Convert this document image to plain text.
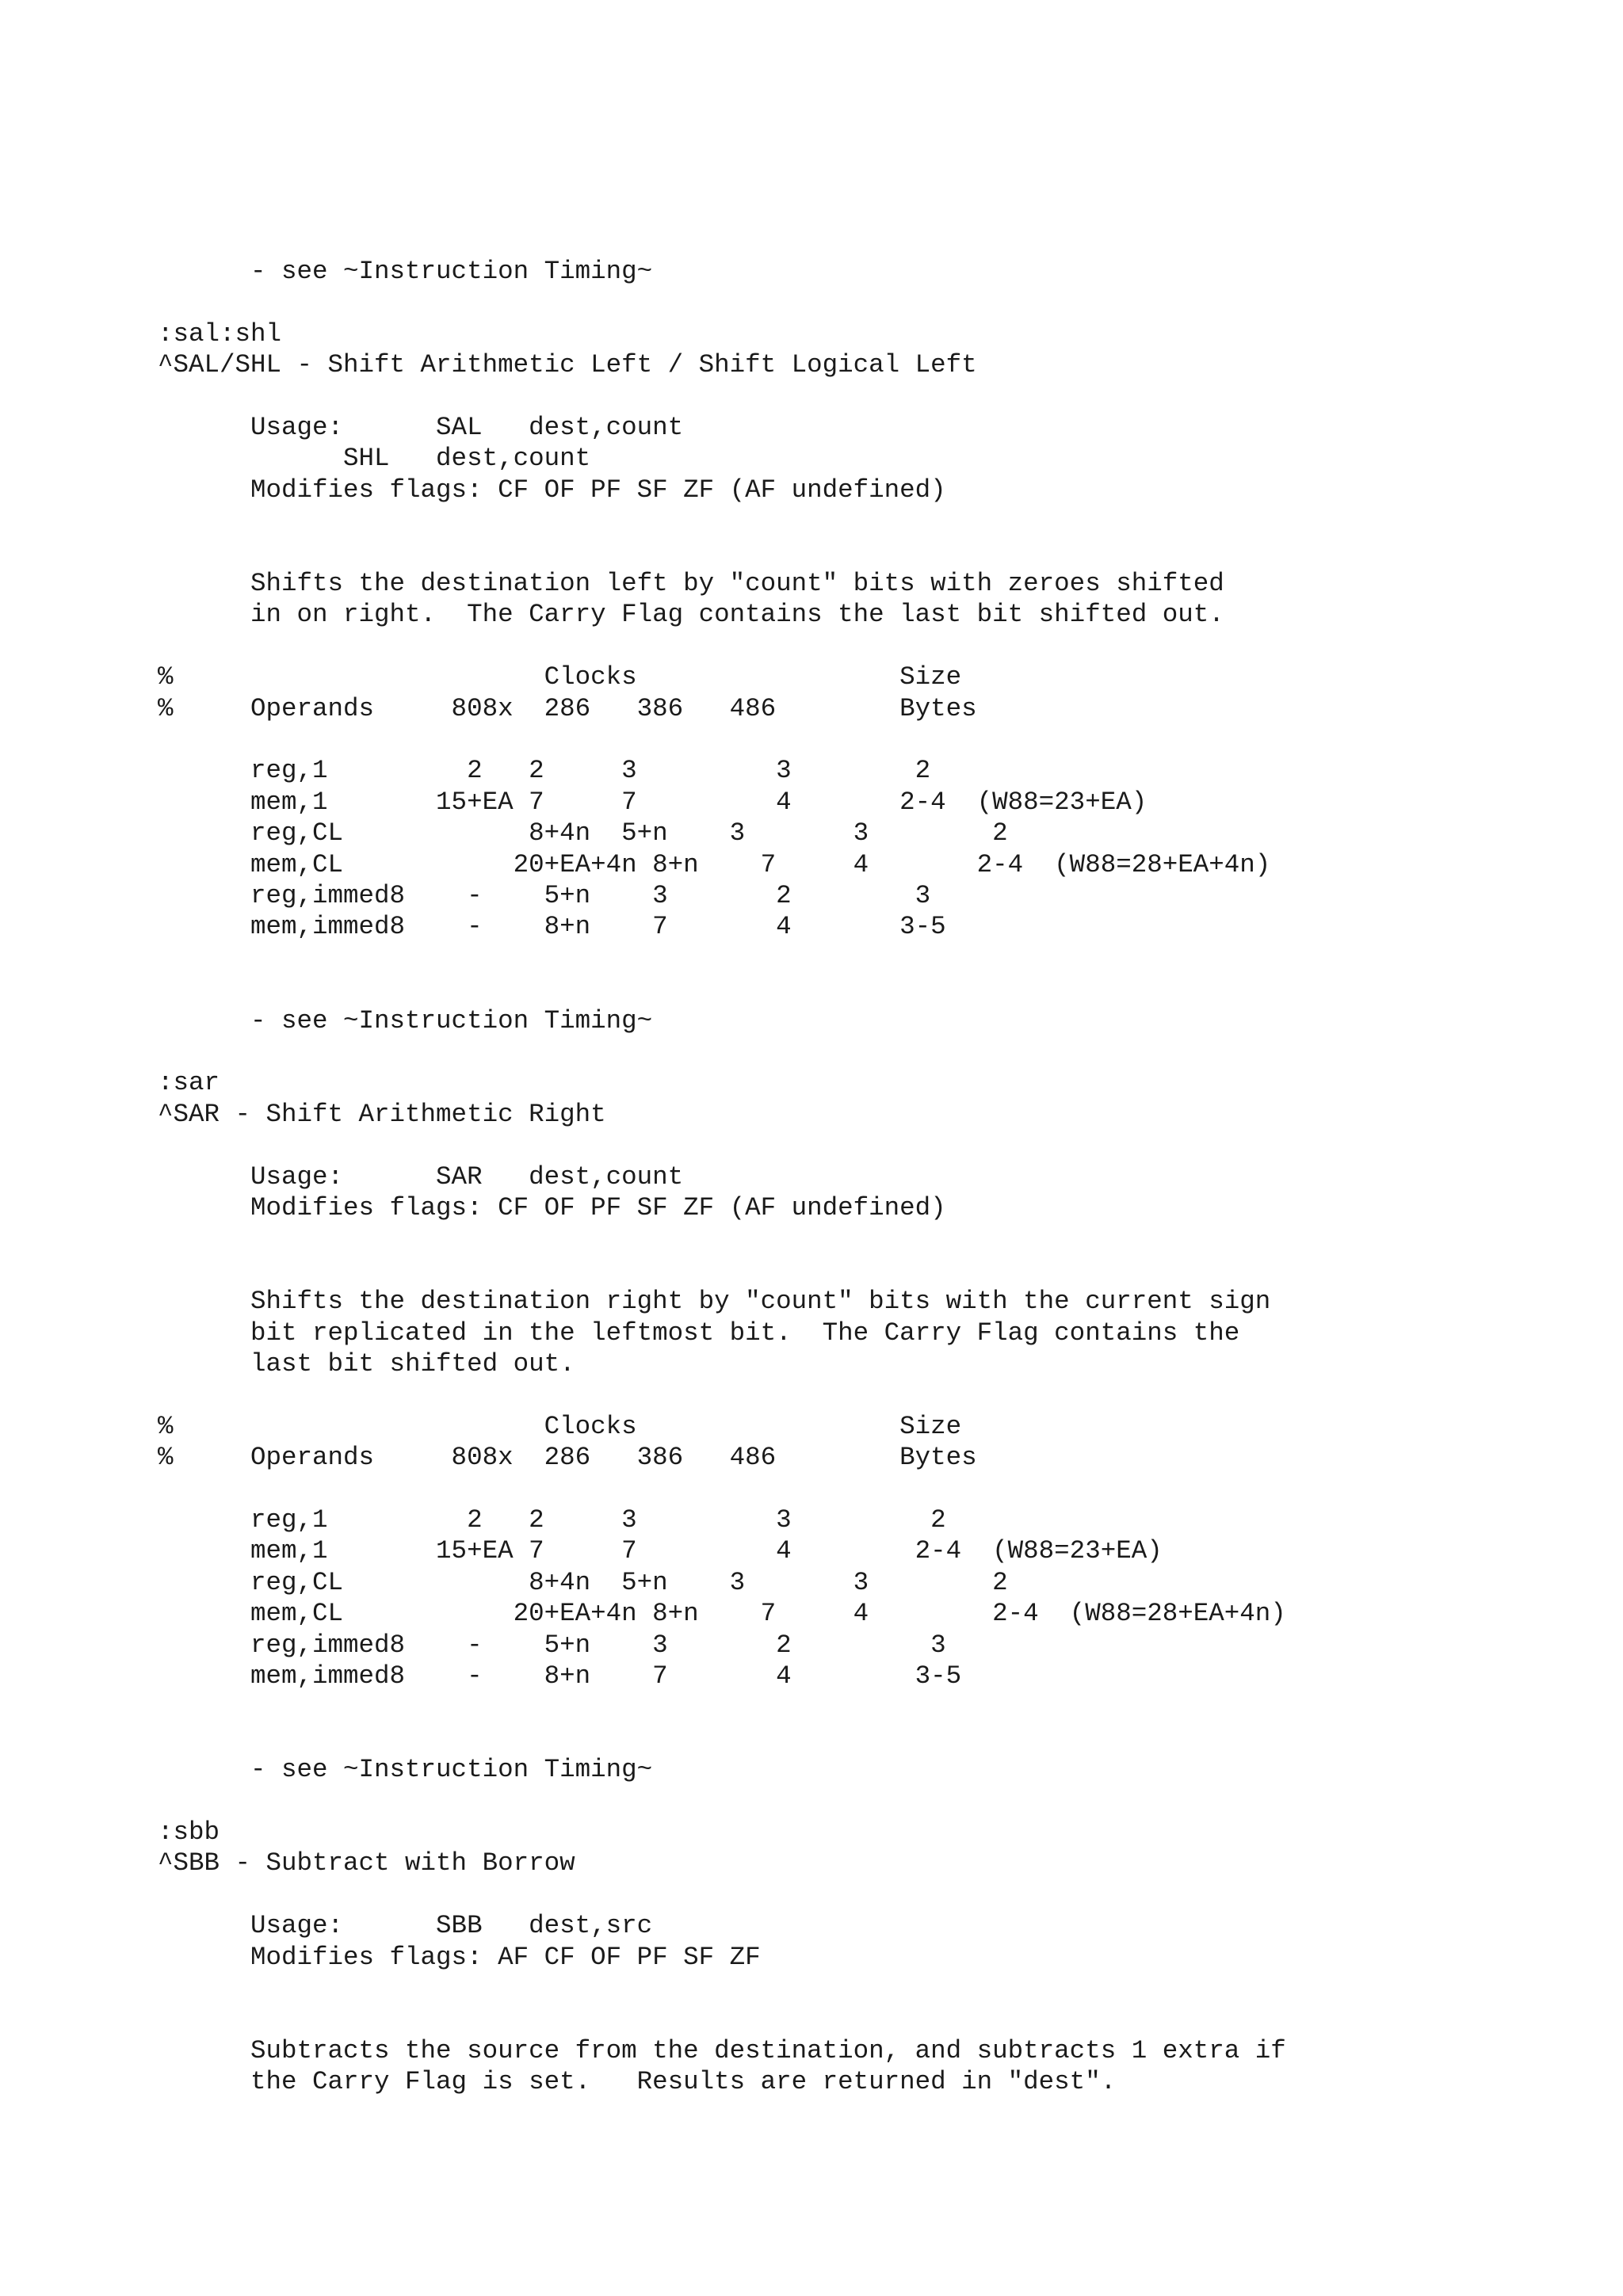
- see ~Instruction Timing~
:sal:shl
^SAL/SHL - Shift Arithmetic Left / Shift Logical Left
Usage:      SAL   dest,count
SHL   dest,count
Modifies flags: CF OF PF SF ZF (AF undefined)
Shifts the destination left by "count" bits with zeroes shifted
in on right.  The Carry Flag contains the last bit shifted out.
%                        Clocks                 Size
%     Operands     808x  286   386   486        Bytes
reg,1         2   2     3         3        2
mem,1       15+EA 7     7         4       2-4  (W88=23+EA)
reg,CL            8+4n  5+n    3       3        2
mem,CL           20+EA+4n 8+n    7     4       2-4  (W88=28+EA+4n)
reg,immed8    -    5+n    3       2        3
mem,immed8    -    8+n    7       4       3-5
- see ~Instruction Timing~
:sar
^SAR - Shift Arithmetic Right
Usage:      SAR   dest,count
Modifies flags: CF OF PF SF ZF (AF undefined)
Shifts the destination right by "count" bits with the current sign
bit replicated in the leftmost bit.  The Carry Flag contains the
last bit shifted out.
%                        Clocks                 Size
%     Operands     808x  286   386   486        Bytes
reg,1         2   2     3         3         2
mem,1       15+EA 7     7         4        2-4  (W88=23+EA)
reg,CL            8+4n  5+n    3       3        2
mem,CL           20+EA+4n 8+n    7     4        2-4  (W88=28+EA+4n)
reg,immed8    -    5+n    3       2         3
mem,immed8    -    8+n    7       4        3-5
- see ~Instruction Timing~
:sbb
^SBB - Subtract with Borrow
Usage:      SBB   dest,src
Modifies flags: AF CF OF PF SF ZF
Subtracts the source from the destination, and subtracts 1 extra if
the Carry Flag is set.   Results are returned in "dest".
